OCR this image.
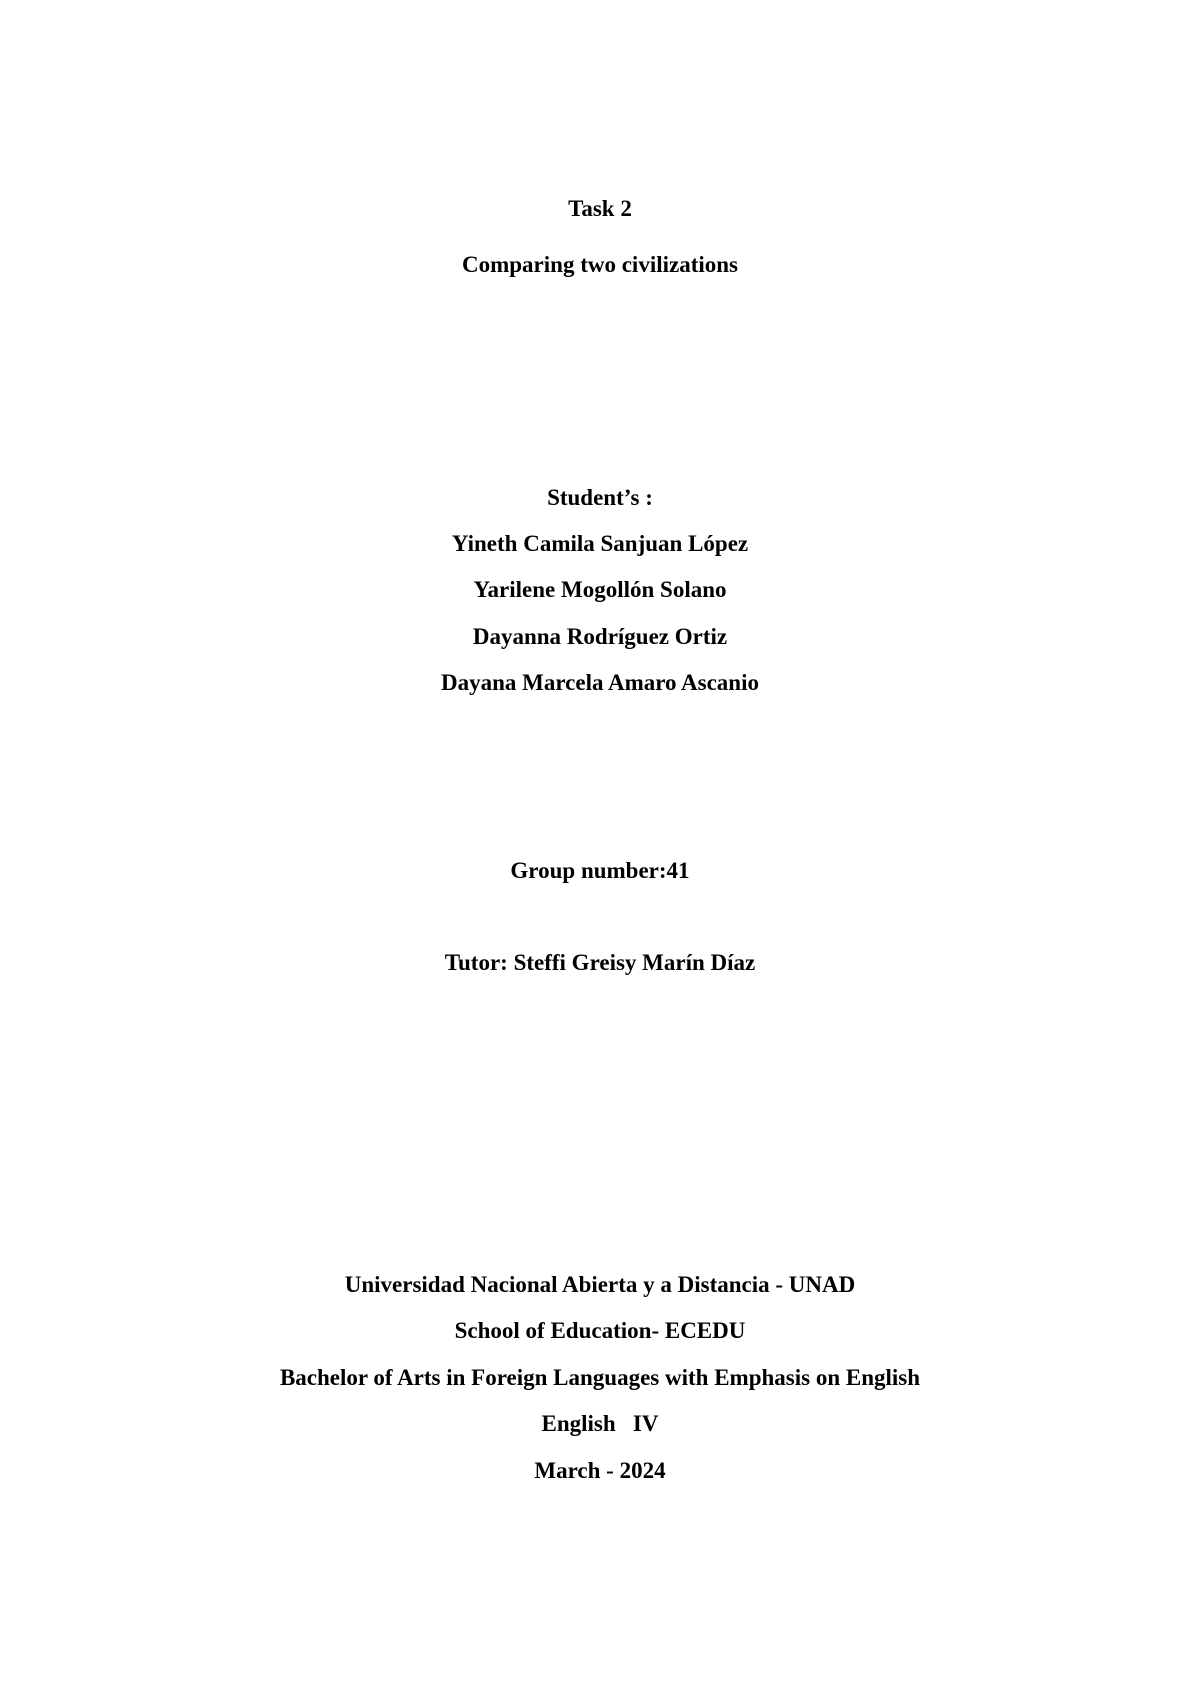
Task 2
Comparing two civilizations
Student’s :
Yineth Camila Sanjuan López
Yarilene Mogollón Solano
Dayanna Rodríguez Ortiz
Dayana Marcela Amaro Ascanio
Group number:41
Tutor: Steffi Greisy Marín Díaz
Universidad Nacional Abierta y a Distancia - UNAD
School of Education- ECEDU
Bachelor of Arts in Foreign Languages with Emphasis on English
English   IV
March - 2024
